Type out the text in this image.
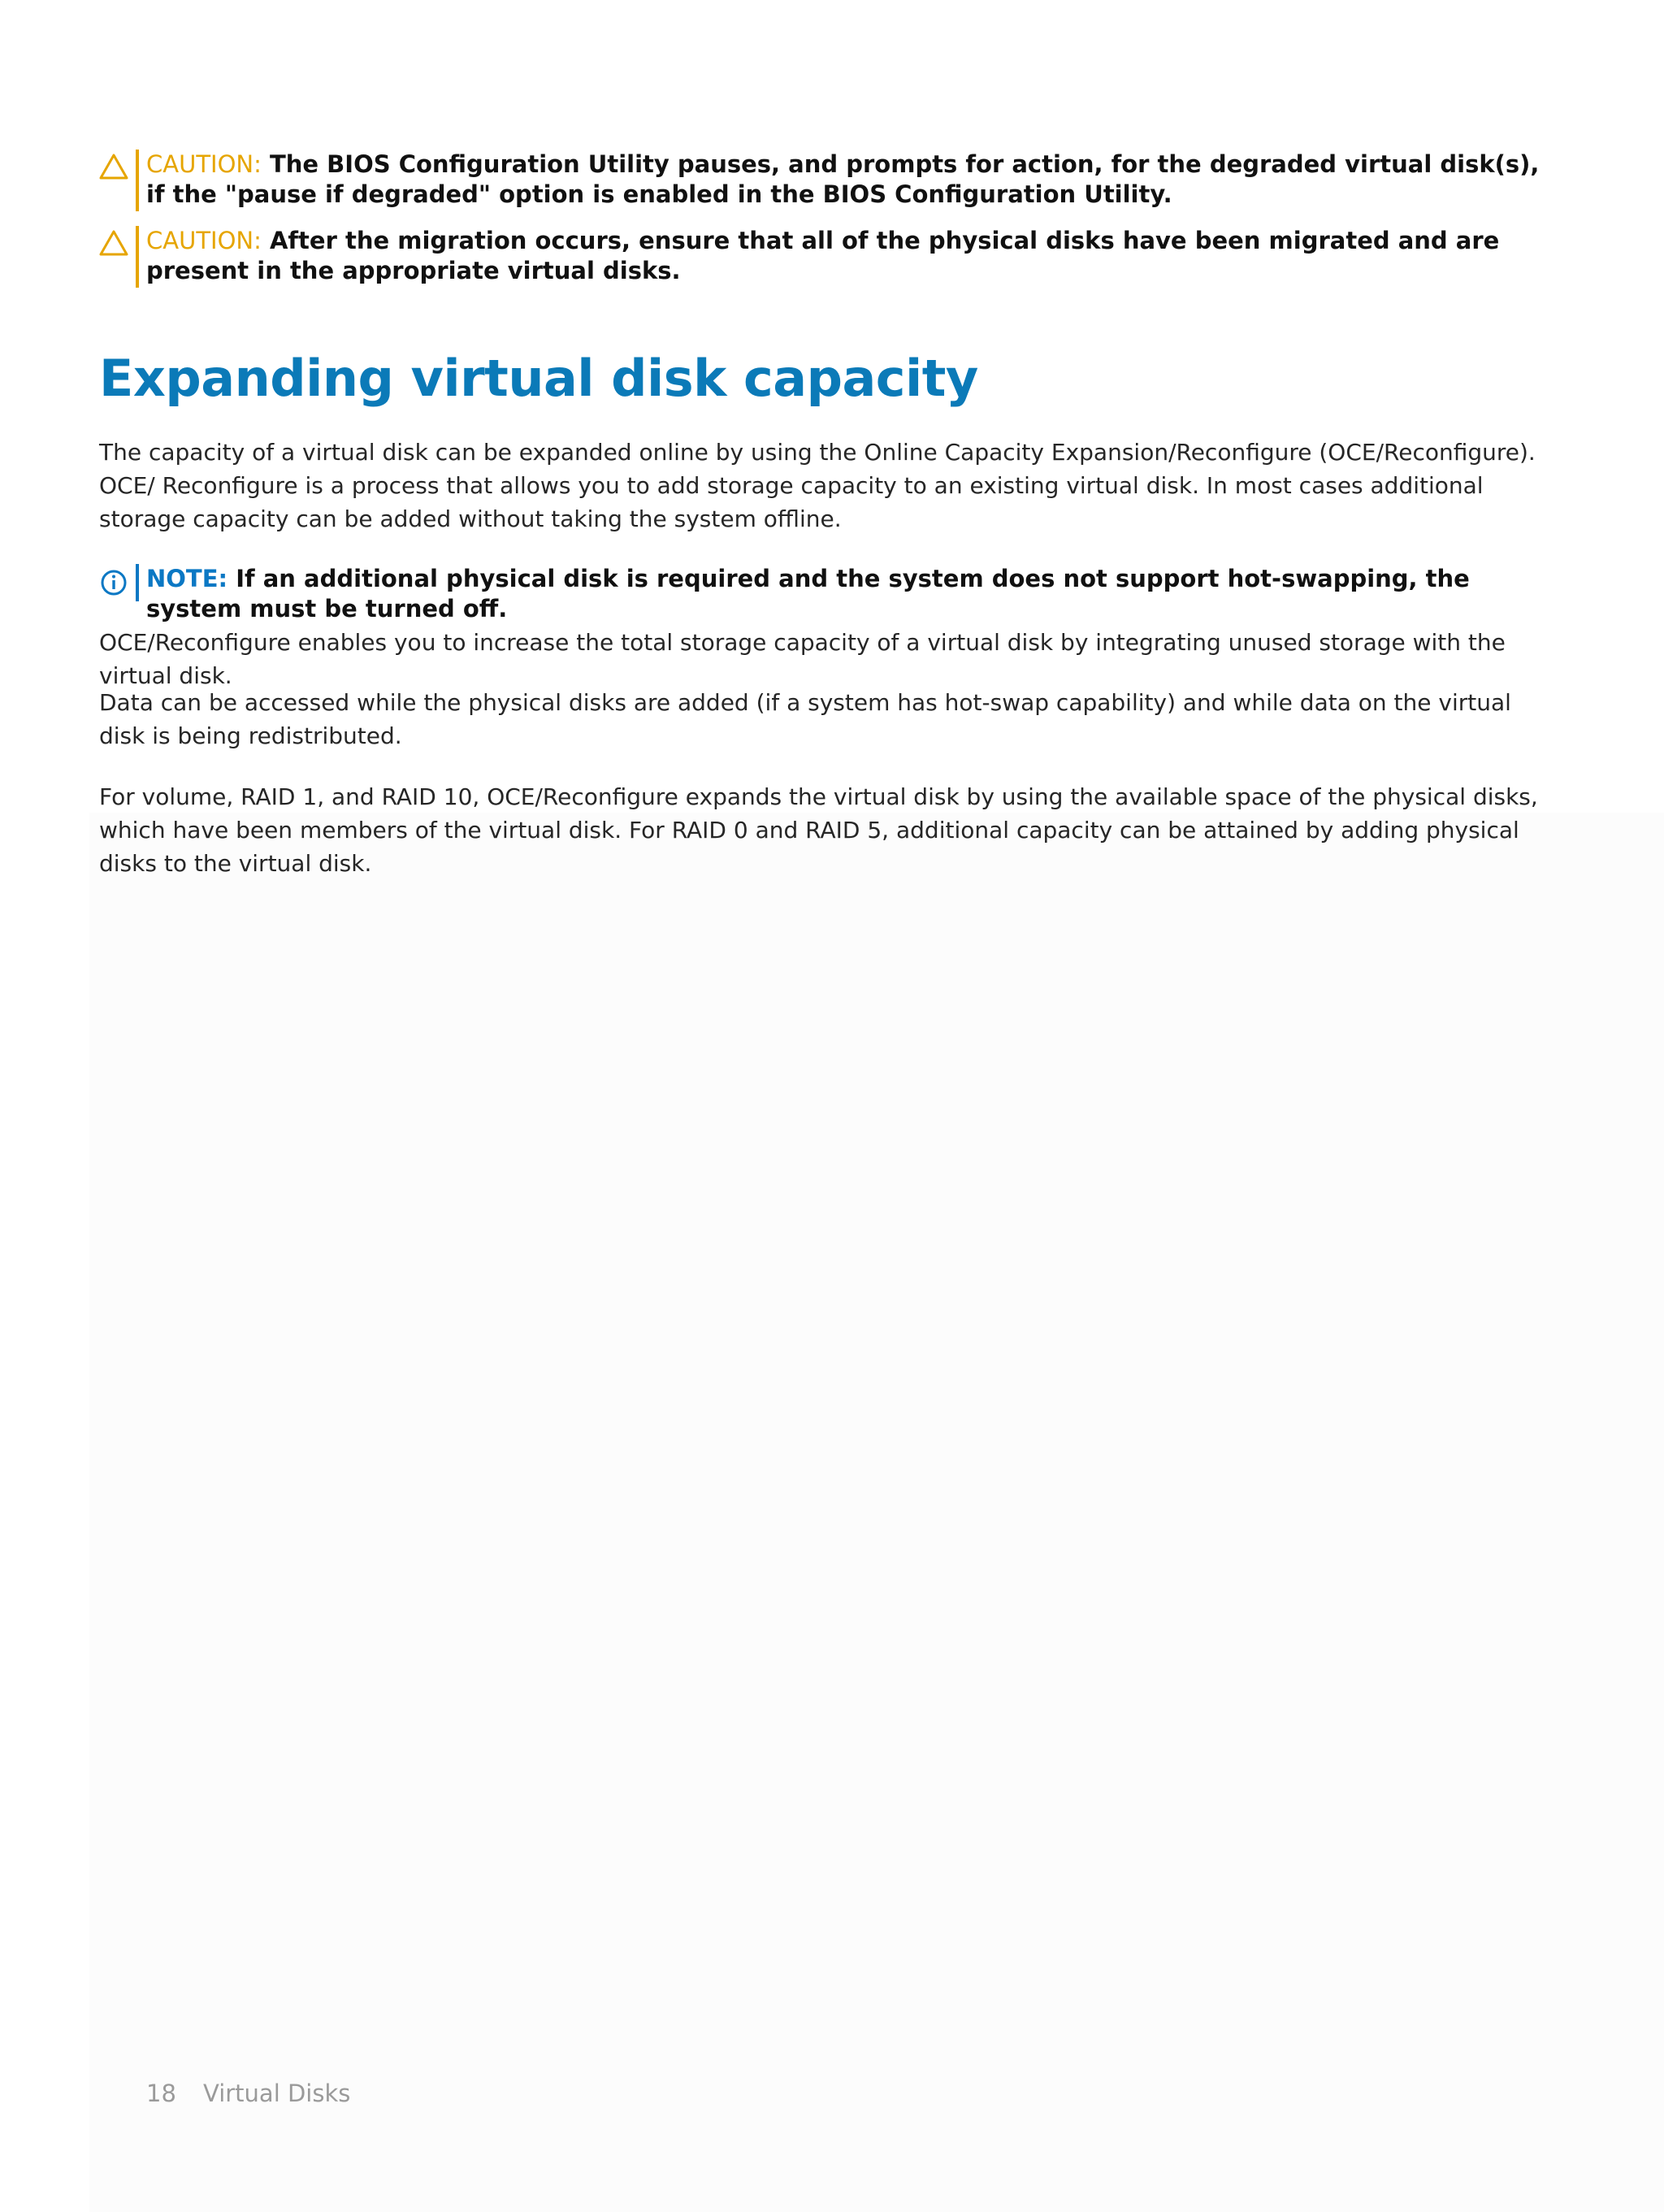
CAUTION: The BIOS Configuration Utility pauses, and prompts for action, for the degraded virtual disk(s), if the "pause if degraded" option is enabled in the BIOS Configuration Utility.
CAUTION: After the migration occurs, ensure that all of the physical disks have been migrated and are present in the appropriate virtual disks.
Expanding virtual disk capacity

The capacity of a virtual disk can be expanded online by using the Online Capacity Expansion/Reconfigure (OCE/Reconfigure). OCE/ Reconfigure is a process that allows you to add storage capacity to an existing virtual disk. In most cases additional storage capacity can be added without taking the system offline.

NOTE: If an additional physical disk is required and the system does not support hot-swapping, the system must be turned off.

OCE/Reconfigure enables you to increase the total storage capacity of a virtual disk by integrating unused storage with the virtual disk.

Data can be accessed while the physical disks are added (if a system has hot-swap capability) and while data on the virtual disk is being redistributed.

For volume, RAID 1, and RAID 10, OCE/Reconfigure expands the virtual disk by using the available space of the physical disks, which have been members of the virtual disk. For RAID 0 and RAID 5, additional capacity can be attained by adding physical disks to the virtual disk.

18 Virtual Disks
